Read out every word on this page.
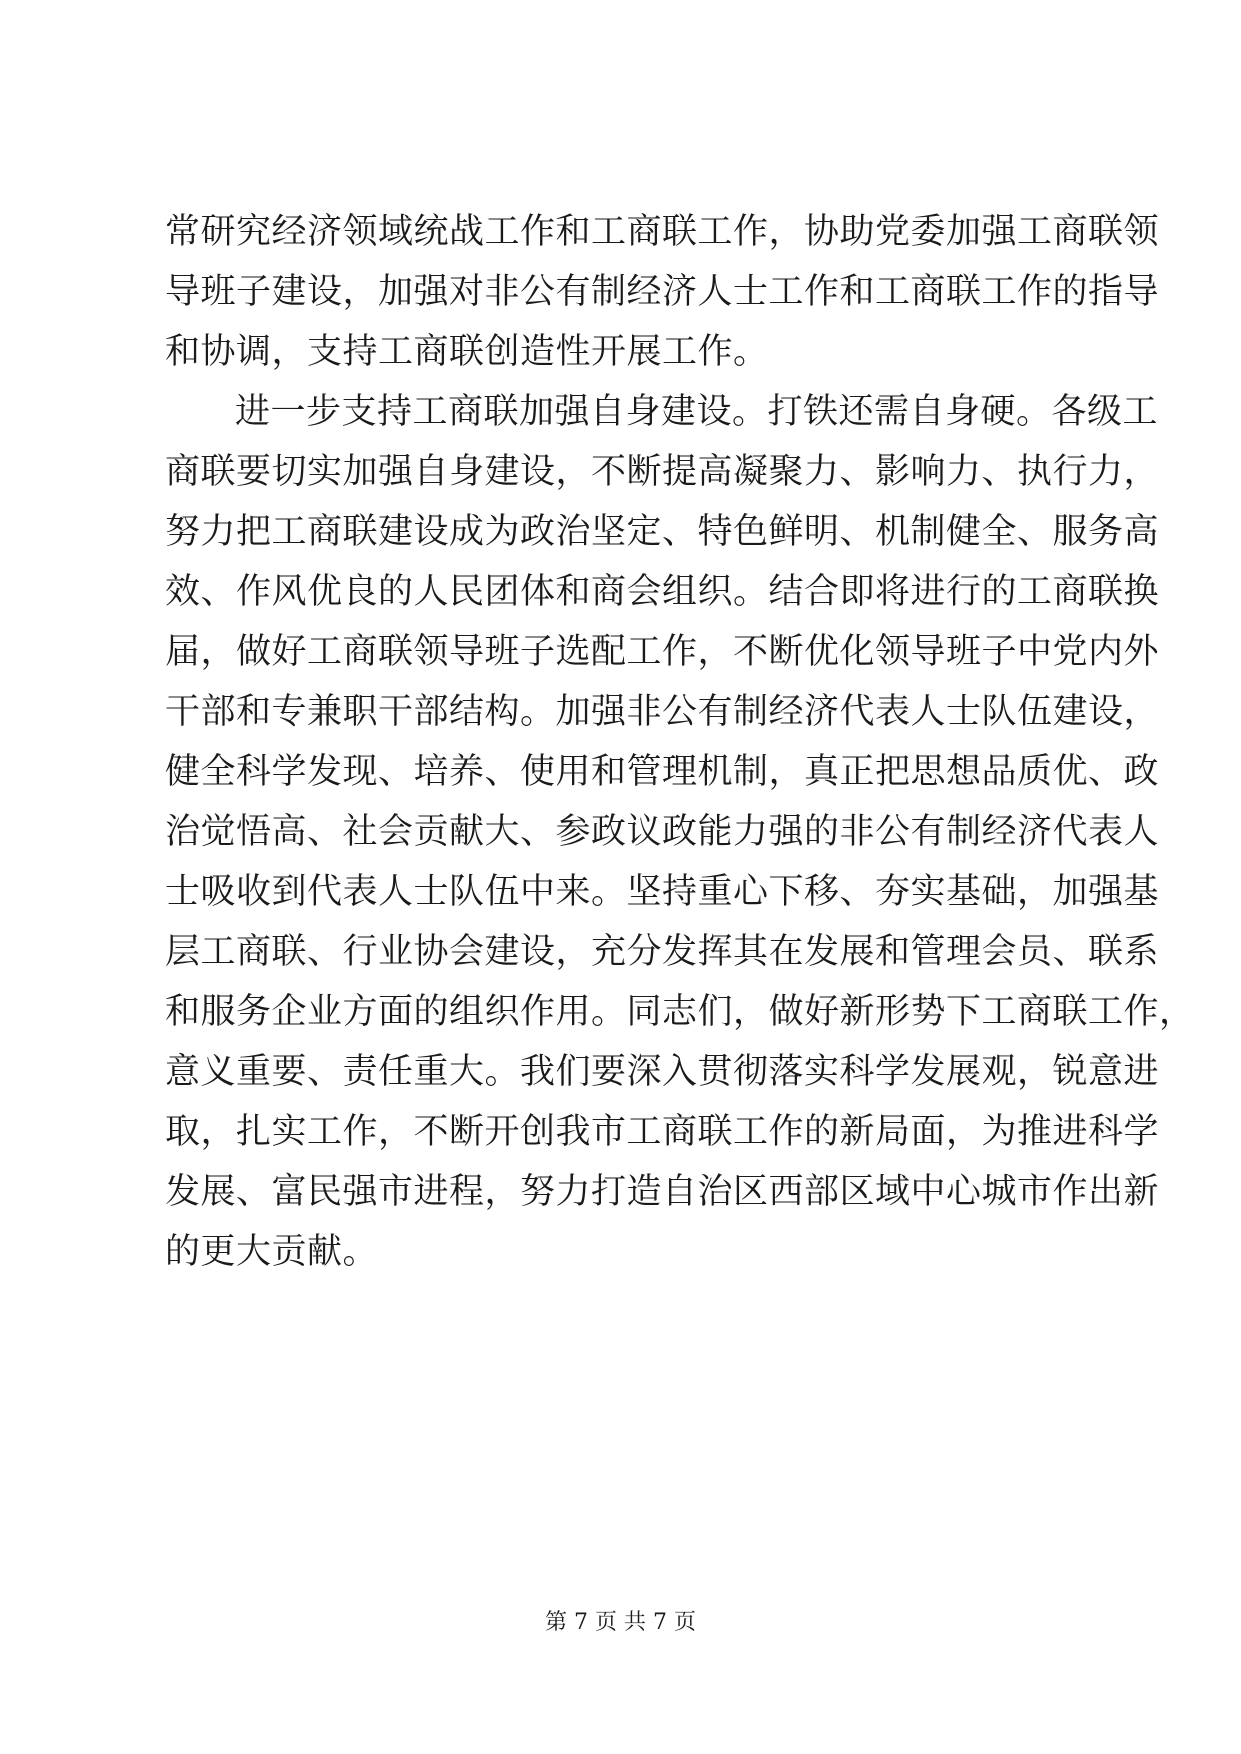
常研究经济领域统战工作和工商联工作，协助党委加强工商联领
导班子建设，加强对非公有制经济人士工作和工商联工作的指导
和协调，支持工商联创造性开展工作。
进一步支持工商联加强自身建设。打铁还需自身硬。各级工
商联要切实加强自身建设，不断提高凝聚力、影响力、执行力，
努力把工商联建设成为政治坚定、特色鲜明、机制健全、服务高
效、作风优良的人民团体和商会组织。结合即将进行的工商联换
届，做好工商联领导班子选配工作，不断优化领导班子中党内外
干部和专兼职干部结构。加强非公有制经济代表人士队伍建设，
健全科学发现、培养、使用和管理机制，真正把思想品质优、政
治觉悟高、社会贡献大、参政议政能力强的非公有制经济代表人
士吸收到代表人士队伍中来。坚持重心下移、夯实基础，加强基
层工商联、行业协会建设，充分发挥其在发展和管理会员、联系
和服务企业方面的组织作用。同志们，做好新形势下工商联工作，
意义重要、责任重大。我们要深入贯彻落实科学发展观，锐意进
取，扎实工作，不断开创我市工商联工作的新局面，为推进科学
发展、富民强市进程，努力打造自治区西部区域中心城市作出新
的更大贡献。
第 7 页 共 7 页
